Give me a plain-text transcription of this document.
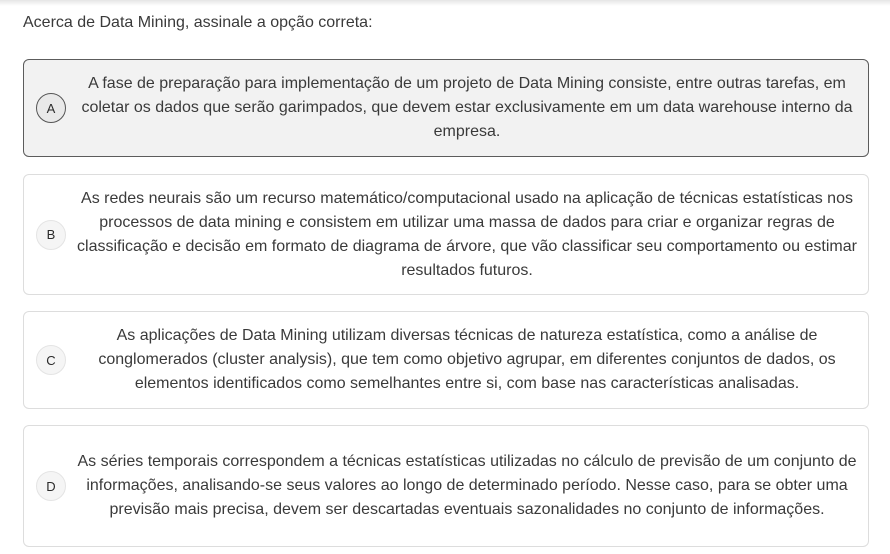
Acerca de Data Mining, assinale a opção correta:
A
A fase de preparação para implementação de um projeto de Data Mining consiste, entre outras tarefas, em coletar os dados que serão garimpados, que devem estar exclusivamente em um data warehouse interno da empresa.
B
As redes neurais são um recurso matemático/computacional usado na aplicação de técnicas estatísticas nos processos de data mining e consistem em utilizar uma massa de dados para criar e organizar regras de classificação e decisão em formato de diagrama de árvore, que vão classificar seu comportamento ou estimar resultados futuros.
C
As aplicações de Data Mining utilizam diversas técnicas de natureza estatística, como a análise de conglomerados (cluster analysis), que tem como objetivo agrupar, em diferentes conjuntos de dados, os elementos identificados como semelhantes entre si, com base nas características analisadas.
D
As séries temporais correspondem a técnicas estatísticas utilizadas no cálculo de previsão de um conjunto de informações, analisando-se seus valores ao longo de determinado período. Nesse caso, para se obter uma previsão mais precisa, devem ser descartadas eventuais sazonalidades no conjunto de informações.
